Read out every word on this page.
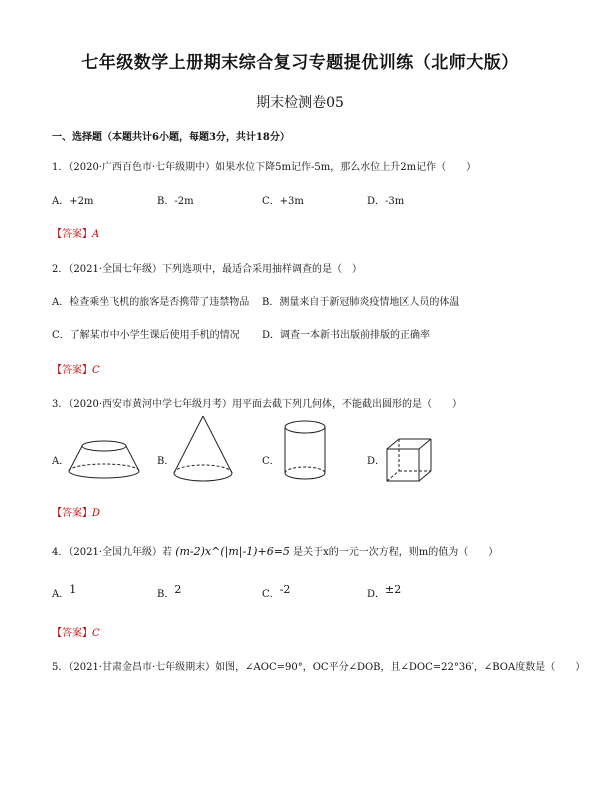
七年级数学上册期末综合复习专题提优训练（北师大版）
期末检测卷05
一、选择题（本题共计6小题，每题3分，共计18分）
1．（2020·广西百色市·七年级期中）如果水位下降5m记作-5m，那么水位上升2m记作（　　）
A．+2m	B．-2m	C．+3m	D．-3m
【答案】A
2．（2021·全国七年级）下列选项中，最适合采用抽样调查的是（　）
A．检查乘坐飞机的旅客是否携带了违禁物品 B．测量来自于新冠肺炎疫情地区人员的体温
C．了解某市中小学生课后使用手机的情况 D．调查一本新书出版前排版的正确率
【答案】C
3．（2020·西安市黄河中学七年级月考）用平面去截下列几何体，不能截出圆形的是（　　）
A．	B．	C．	D．
【答案】D
4．（2021·全国九年级）若 (m-2)x^(|m|-1)+6=5 是关于x的一元一次方程，则m的值为（　　）
A．1	B．2	C．-2	D．±2
【答案】C
5．（2021·甘肃金昌市·七年级期末）如图，∠AOC=90°，OC平分∠DOB，且∠DOC=22°36′，∠BOA度数是（　　）
